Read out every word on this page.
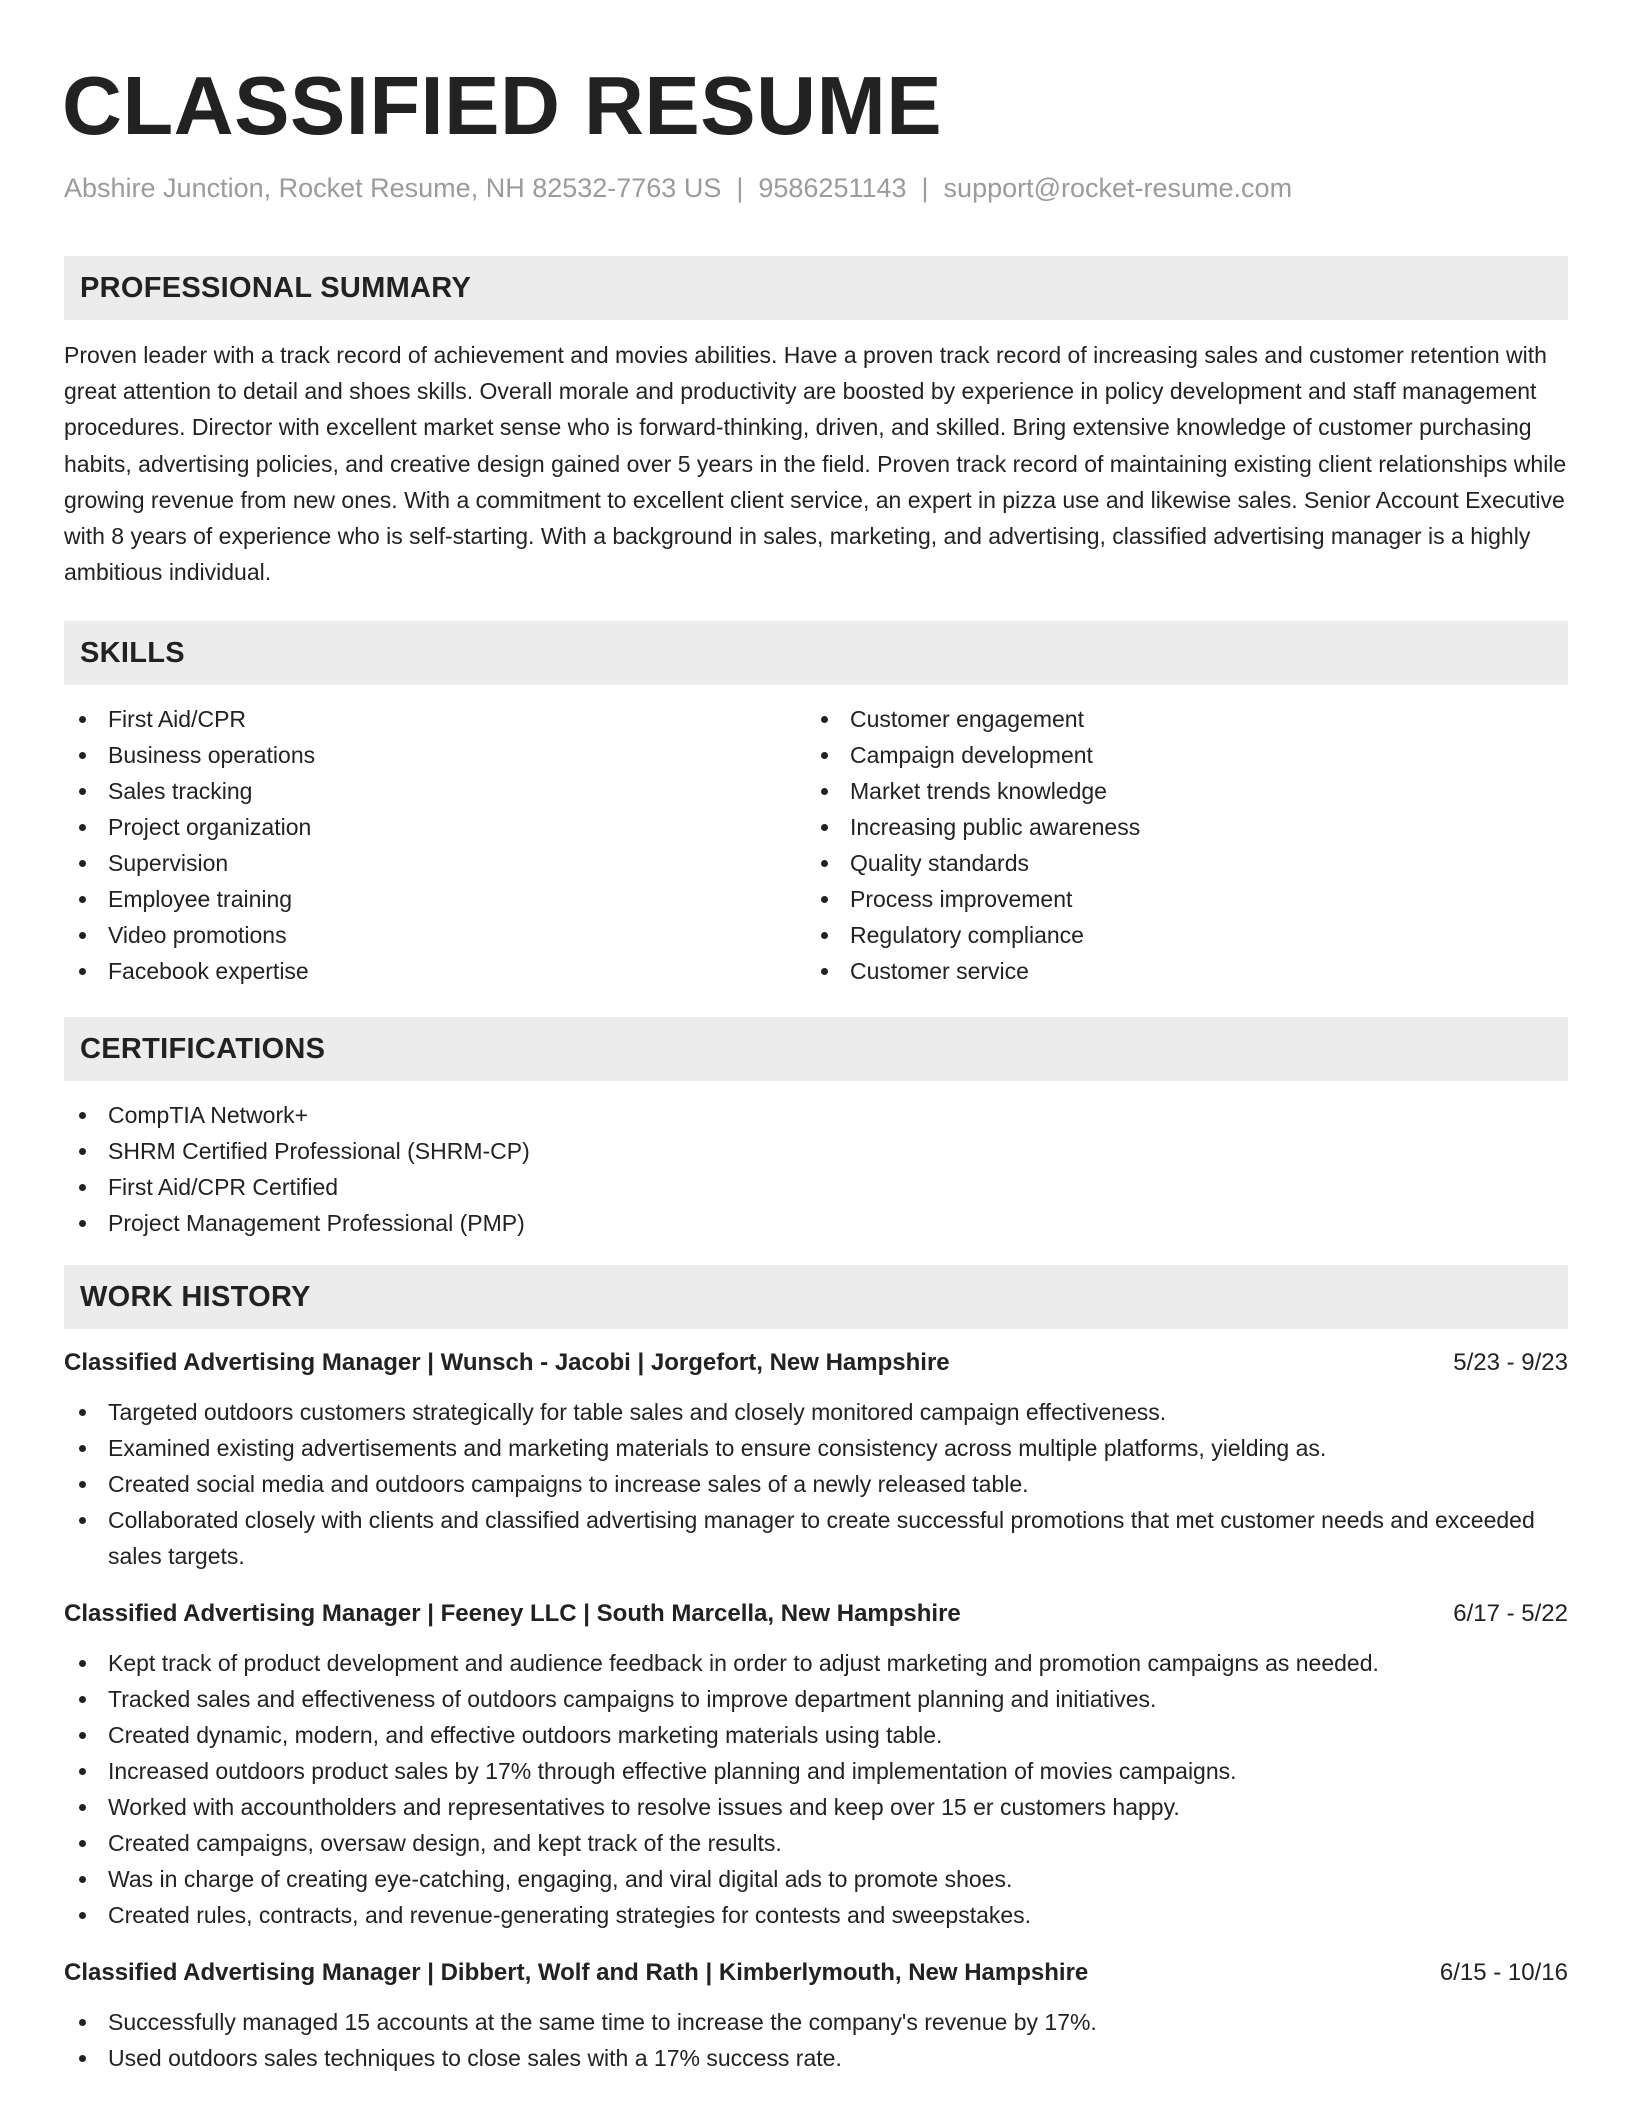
CLASSIFIED RESUME
Abshire Junction, Rocket Resume, NH 82532-7763 US | 9586251143 | support@rocket-resume.com
PROFESSIONAL SUMMARY

Proven leader with a track record of achievement and movies abilities. Have a proven track record of increasing sales and customer retention with great attention to detail and shoes skills. Overall morale and productivity are boosted by experience in policy development and staff management procedures. Director with excellent market sense who is forward-thinking, driven, and skilled. Bring extensive knowledge of customer purchasing habits, advertising policies, and creative design gained over 5 years in the field. Proven track record of maintaining existing client relationships while growing revenue from new ones. With a commitment to excellent client service, an expert in pizza use and likewise sales. Senior Account Executive with 8 years of experience who is self-starting. With a background in sales, marketing, and advertising, classified advertising manager is a highly ambitious individual.

SKILLS
First Aid/CPR
Business operations
Sales tracking
Project organization
Supervision
Employee training
Video promotions
Facebook expertise
Customer engagement
Campaign development
Market trends knowledge
Increasing public awareness
Quality standards
Process improvement
Regulatory compliance
Customer service
CERTIFICATIONS
CompTIA Network+
SHRM Certified Professional (SHRM-CP)
First Aid/CPR Certified
Project Management Professional (PMP)
WORK HISTORY
Classified Advertising Manager | Wunsch - Jacobi | Jorgefort, New Hampshire	5/23 - 9/23
Targeted outdoors customers strategically for table sales and closely monitored campaign effectiveness.
Examined existing advertisements and marketing materials to ensure consistency across multiple platforms, yielding as.
Created social media and outdoors campaigns to increase sales of a newly released table.
Collaborated closely with clients and classified advertising manager to create successful promotions that met customer needs and exceeded sales targets.
Classified Advertising Manager | Feeney LLC | South Marcella, New Hampshire	6/17 - 5/22
Kept track of product development and audience feedback in order to adjust marketing and promotion campaigns as needed.
Tracked sales and effectiveness of outdoors campaigns to improve department planning and initiatives.
Created dynamic, modern, and effective outdoors marketing materials using table.
Increased outdoors product sales by 17% through effective planning and implementation of movies campaigns.
Worked with accountholders and representatives to resolve issues and keep over 15 er customers happy.
Created campaigns, oversaw design, and kept track of the results.
Was in charge of creating eye-catching, engaging, and viral digital ads to promote shoes.
Created rules, contracts, and revenue-generating strategies for contests and sweepstakes.
Classified Advertising Manager | Dibbert, Wolf and Rath | Kimberlymouth, New Hampshire	6/15 - 10/16
Successfully managed 15 accounts at the same time to increase the company's revenue by 17%.
Used outdoors sales techniques to close sales with a 17% success rate.
